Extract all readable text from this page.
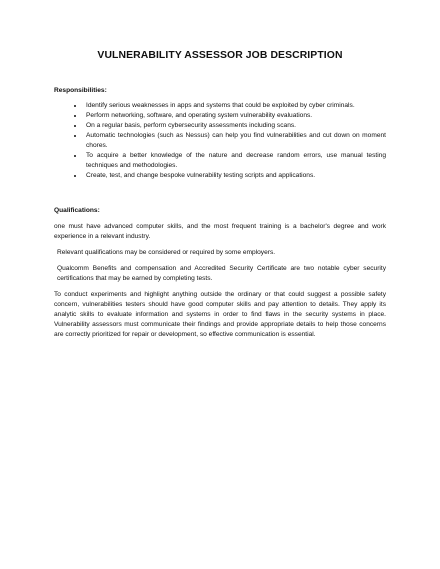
VULNERABILITY ASSESSOR JOB DESCRIPTION
Responsibilities:
• Identify serious weaknesses in apps and systems that could be exploited by cyber criminals.
• Perform networking, software, and operating system vulnerability evaluations.
• On a regular basis, perform cybersecurity assessments including scans.
• Automatic technologies (such as Nessus) can help you find vulnerabilities and cut down on moment chores.
• To acquire a better knowledge of the nature and decrease random errors, use manual testing techniques and methodologies.
• Create, test, and change bespoke vulnerability testing scripts and applications.
Qualifications:

one must have advanced computer skills, and the most frequent training is a bachelor's degree and work experience in a relevant industry.

Relevant qualifications may be considered or required by some employers.

Qualcomm Benefits and compensation and Accredited Security Certificate are two notable cyber security certifications that may be earned by completing tests.

To conduct experiments and highlight anything outside the ordinary or that could suggest a possible safety concern, vulnerabilities testers should have good computer skills and pay attention to details. They apply its analytic skills to evaluate information and systems in order to find flaws in the security systems in place. Vulnerability assessors must communicate their findings and provide appropriate details to help those concerns are correctly prioritized for repair or development, so effective communication is essential.
